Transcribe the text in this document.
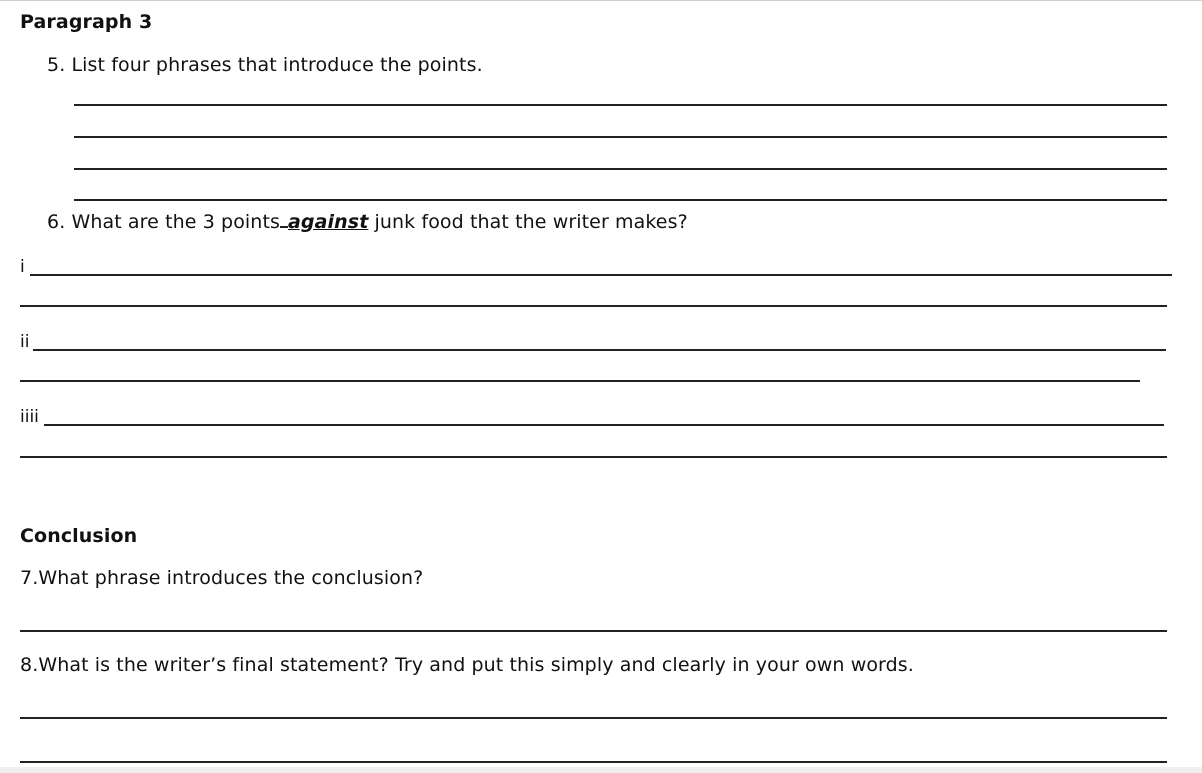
Paragraph 3
5. List four phrases that introduce the points.
6. What are the 3 points against junk food that the writer makes?
i
ii
iiii
Conclusion
7.What phrase introduces the conclusion?
8.What is the writer’s final statement? Try and put this simply and clearly in your own words.
